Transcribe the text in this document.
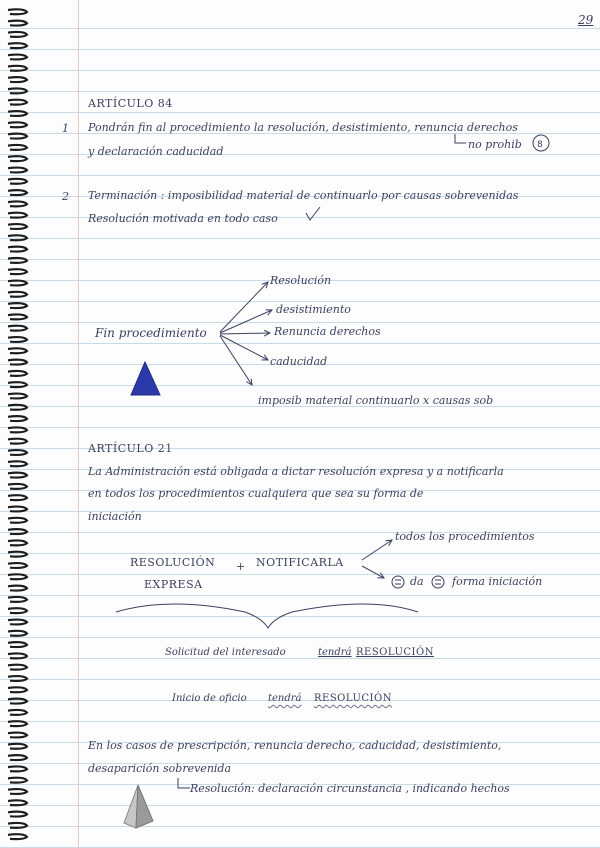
29
ARTÍCULO 84
1 Pondrán fin al procedimiento la resolución, desistimiento, renuncia derechos
no prohib
y declaración caducidad
2 Terminación : imposibilidad material de continuarlo por causas sobrevenidas
Resolución motivada en todo caso
Fin procedimiento
Resolución
desistimiento
Renuncia derechos
caducidad
imposib material continuarlo x causas sob
ARTÍCULO 21
La Administración está obligada a dictar resolución expresa y a notificarla
en todos los procedimientos cualquiera que sea su forma de
iniciación
RESOLUCIÓN
EXPRESA
+ NOTIFICARLA
todos los procedimientos
da	forma iniciación
Solicitud del interesado	tendrá RESOLUCIÓN
Inicio de oficio tendrá RESOLUCIÓN
En los casos de prescripción, renuncia derecho, caducidad, desistimiento,
desaparición sobrevenida
Resolución: declaración circunstancia , indicando hechos
8
